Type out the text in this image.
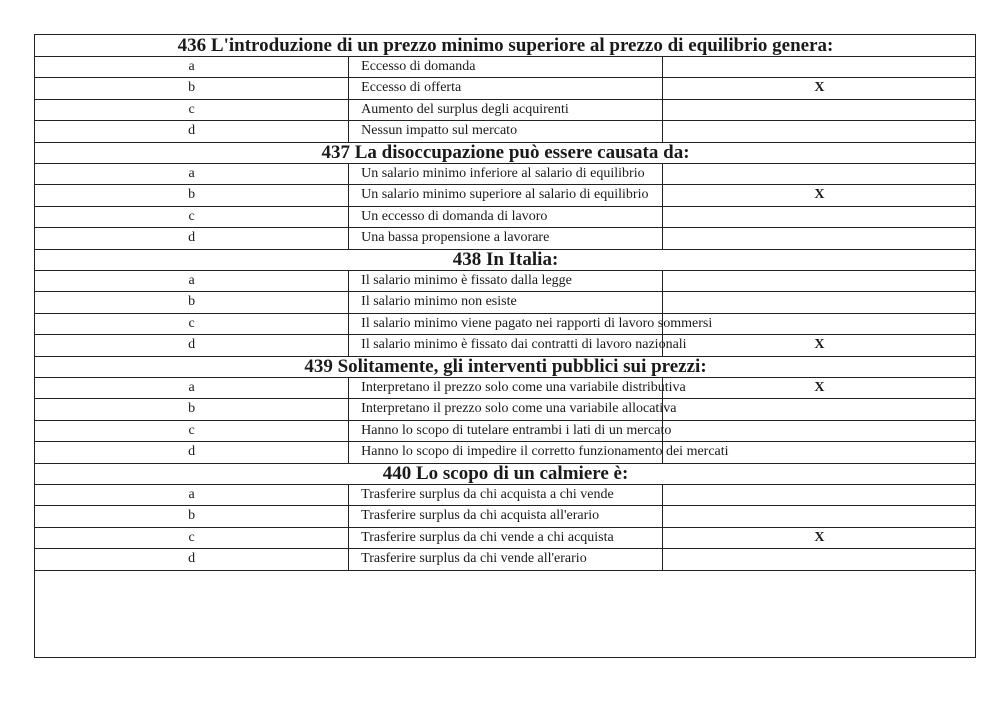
436 L'introduzione di un prezzo minimo superiore al prezzo di equilibrio genera:		
a	Eccesso di domanda	
b	Eccesso di offerta	X
c	Aumento del surplus degli acquirenti	
d	Nessun impatto sul mercato	
437 La disoccupazione può essere causata da:		
a	Un salario minimo inferiore al salario di equilibrio	
b	Un salario minimo superiore al salario di equilibrio	X
c	Un eccesso di domanda di lavoro	
d	Una bassa propensione a lavorare	
438 In Italia:		
a	Il salario minimo è fissato dalla legge	
b	Il salario minimo non esiste	
c	Il salario minimo viene pagato nei rapporti di lavoro sommersi	
d	Il salario minimo è fissato dai contratti di lavoro nazionali	X
439 Solitamente, gli interventi pubblici sui prezzi:		
a	Interpretano il prezzo solo come una variabile distributiva	X
b	Interpretano il prezzo solo come una variabile allocativa	
c	Hanno lo scopo di tutelare entrambi i lati di un mercato	
d	Hanno lo scopo di impedire il corretto funzionamento dei mercati	
440 Lo scopo di un calmiere è:		
a	Trasferire surplus da chi acquista a chi vende	
b	Trasferire surplus da chi acquista all'erario	
c	Trasferire surplus da chi vende a chi acquista	X
d	Trasferire surplus da chi vende all'erario	
